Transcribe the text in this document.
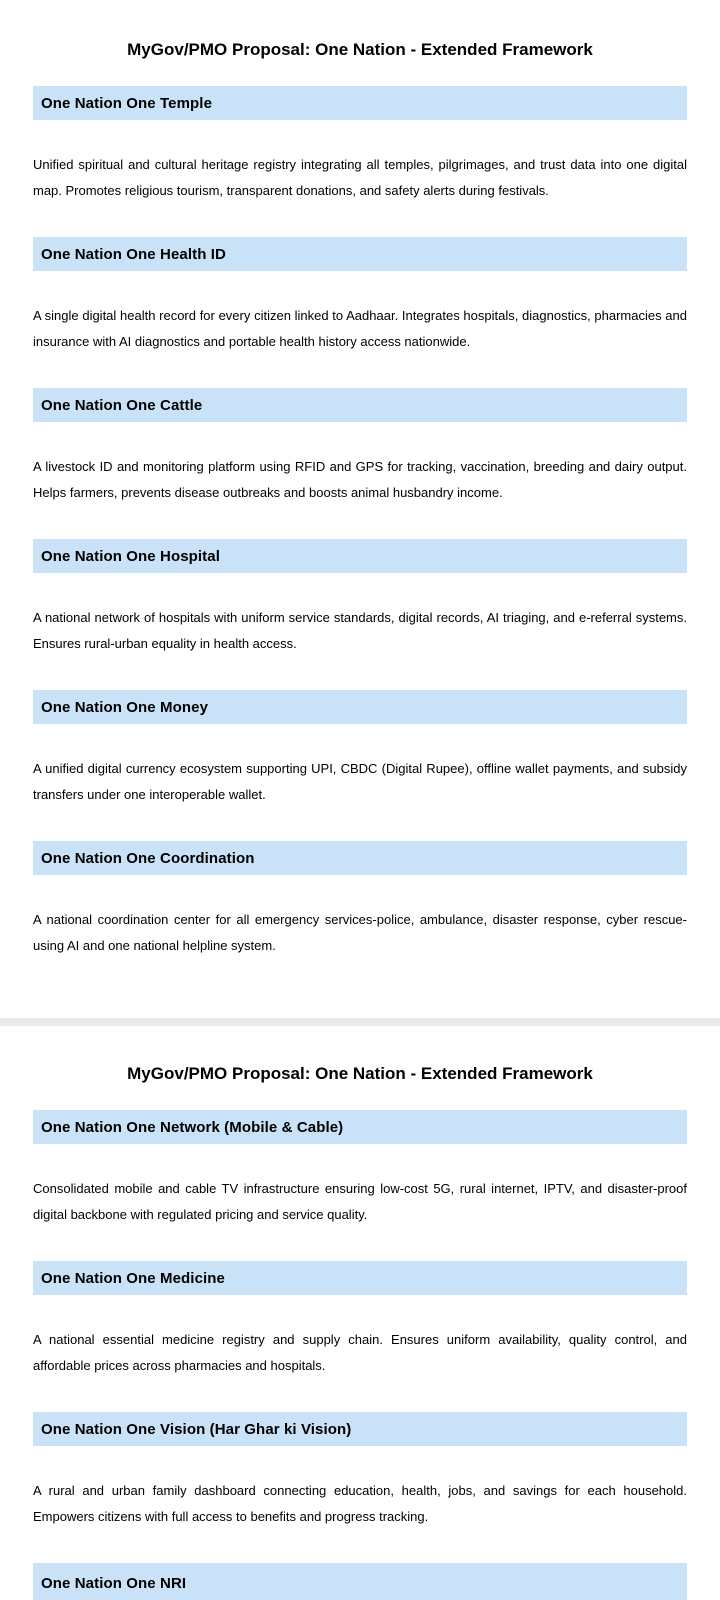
MyGov/PMO Proposal: One Nation - Extended Framework
One Nation One Temple

Unified spiritual and cultural heritage registry integrating all temples, pilgrimages, and trust data into one digital map. Promotes religious tourism, transparent donations, and safety alerts during festivals.

One Nation One Health ID

A single digital health record for every citizen linked to Aadhaar. Integrates hospitals, diagnostics, pharmacies and insurance with AI diagnostics and portable health history access nationwide.

One Nation One Cattle

A livestock ID and monitoring platform using RFID and GPS for tracking, vaccination, breeding and dairy output. Helps farmers, prevents disease outbreaks and boosts animal husbandry income.

One Nation One Hospital

A national network of hospitals with uniform service standards, digital records, AI triaging, and e-referral systems. Ensures rural-urban equality in health access.

One Nation One Money

A unified digital currency ecosystem supporting UPI, CBDC (Digital Rupee), offline wallet payments, and subsidy transfers under one interoperable wallet.

One Nation One Coordination

A national coordination center for all emergency services-police, ambulance, disaster response, cyber rescue-using AI and one national helpline system.

MyGov/PMO Proposal: One Nation - Extended Framework
One Nation One Network (Mobile & Cable)

Consolidated mobile and cable TV infrastructure ensuring low-cost 5G, rural internet, IPTV, and disaster-proof digital backbone with regulated pricing and service quality.

One Nation One Medicine

A national essential medicine registry and supply chain. Ensures uniform availability, quality control, and affordable prices across pharmacies and hospitals.

One Nation One Vision (Har Ghar ki Vision)

A rural and urban family dashboard connecting education, health, jobs, and savings for each household. Empowers citizens with full access to benefits and progress tracking.

One Nation One NRI
